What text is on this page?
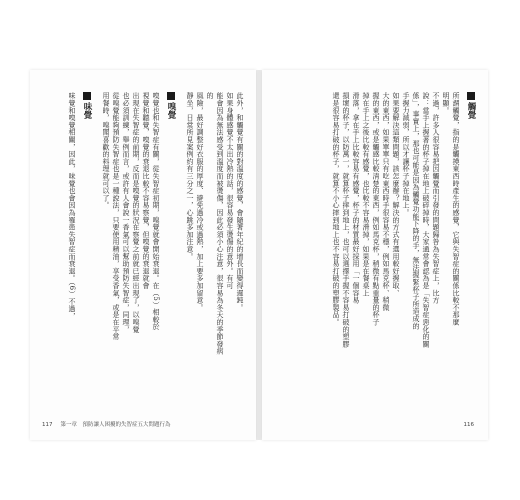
觸覺
所謂觸覺，指的是觸摸東西時產生的感覺，它與失智症的關係比較不那麼
明顯。
不過，許多人很容易把因觸覺而引發的問題歸咎為失智症上，比方
說：當手上握著的杯子掉在地上破碎掉時，大家通常會認為是「失智症惡化的關
係」，事實上，那也可能是因為觸覺功能下降的手，無法握緊杯子所造成的
手握力減弱，所以才讓杯子掉在地上。
如果要解決這類問題，該怎麼辦？解決的方式有選用較好握取、
大的東西，如果單單只有吃東西時手很容易不穩，例如馬克杯、稍微
握的東西，或是觸感比較清楚的東西，例如馬克杯，稍微有點重量的杯子
掉在手上之後比較有感覺，也比較不容易滑掉，如果是在餐桌上
滑落，拿在手上比較容易有感覺，杯子的材質最好採用「一個容易
損壞的杯子，以防萬一，就算杯子摔到地上，也可以選擇手握不容易打破的塑膠
還是很容易打破的杯子，就算不小心摔到地上也不容易打破的塑膠製品。
116
此外，和觸覺有關的對溫度的感覺，會隨著年紀的增長而變得遲鈍。
如果身體感覺不太出冷熱的話，很容易發生燙傷的意外。有可
能會因為無法感受到溫度而被燙傷，因此必須小心注意，很容易為冬天的季節發病
的
風險，最好調整好衣服的厚度、避免過冷或過熱，加上要多加留意。
靜坐，日常所見案例約有三分之一，心跳多加注意。
嗅覺
嗅覺也和失智症有關，從失智症初期，嗅覺就會開始衰退。在（5）相較於
視覺和聽覺，嗅覺的衰退比較不容易察覺，但嗅覺的衰退就會
出現在失智症的前期，反而是嗅覺的狀況在察覺之前就已經出現了，以嗅覺
也必須訓練，舉例而言，或許有人會說一香氣可以幫助預防失智症，同理，
從嗅覺能夠預防失智症也是一種說法，只要使用精油，享受香氣，或是在平常
用餐時，嗅聞喜歡的料理就可以了。
味覺
味覺和嗅覺相關，因此，味覺也會因為罹患失智症而衰退。（6）不過，
117 第一章　預防讓人困擾的失智症五大問題行為
